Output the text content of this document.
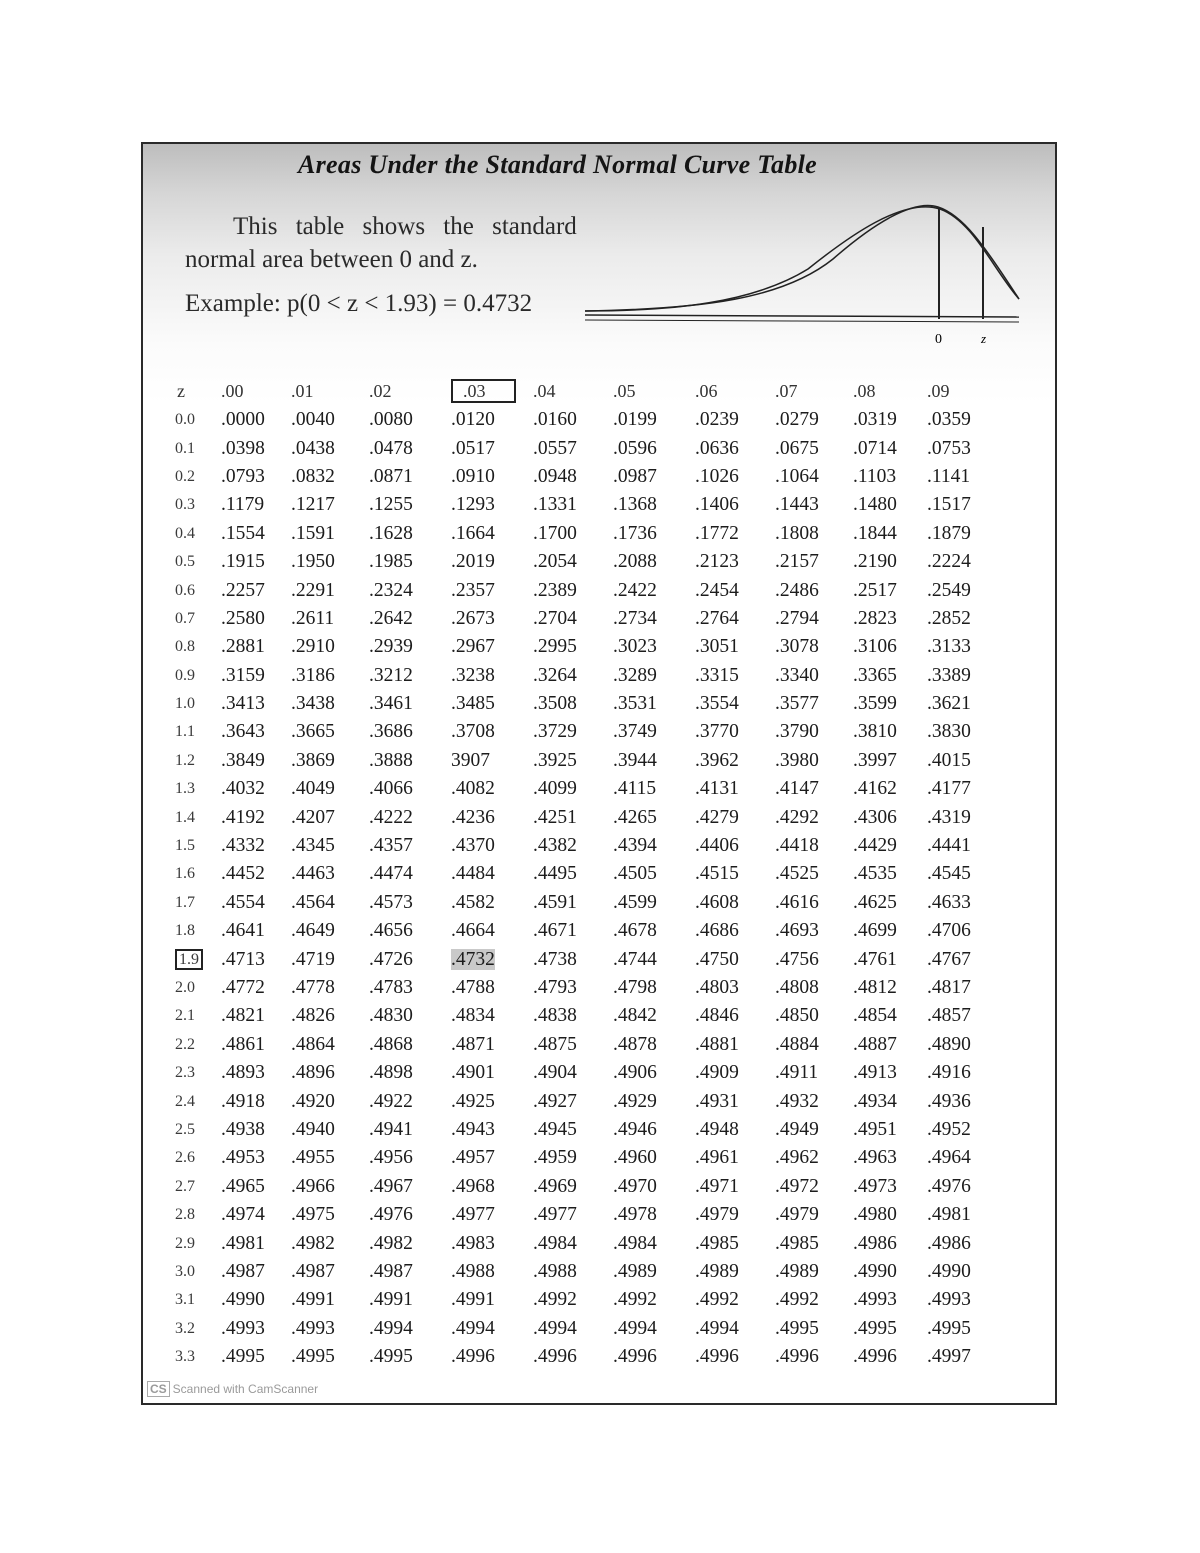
Areas Under the Standard Normal Curve Table
This table shows the standard
normal area between 0 and z.
Example: p(0 < z < 1.93) = 0.4732
0	z
z	.00	.01	.02	.03	.04	.05	.06	.07	.08	.09
0.0	.0000	.0040	.0080	.0120	.0160	.0199	.0239	.0279	.0319	.0359
0.1	.0398	.0438	.0478	.0517	.0557	.0596	.0636	.0675	.0714	.0753
0.2	.0793	.0832	.0871	.0910	.0948	.0987	.1026	.1064	.1103	.1141
0.3	.1179	.1217	.1255	.1293	.1331	.1368	.1406	.1443	.1480	.1517
0.4	.1554	.1591	.1628	.1664	.1700	.1736	.1772	.1808	.1844	.1879
0.5	.1915	.1950	.1985	.2019	.2054	.2088	.2123	.2157	.2190	.2224
0.6	.2257	.2291	.2324	.2357	.2389	.2422	.2454	.2486	.2517	.2549
0.7	.2580	.2611	.2642	.2673	.2704	.2734	.2764	.2794	.2823	.2852
0.8	.2881	.2910	.2939	.2967	.2995	.3023	.3051	.3078	.3106	.3133
0.9	.3159	.3186	.3212	.3238	.3264	.3289	.3315	.3340	.3365	.3389
1.0	.3413	.3438	.3461	.3485	.3508	.3531	.3554	.3577	.3599	.3621
1.1	.3643	.3665	.3686	.3708	.3729	.3749	.3770	.3790	.3810	.3830
1.2	.3849	.3869	.3888	3907	.3925	.3944	.3962	.3980	.3997	.4015
1.3	.4032	.4049	.4066	.4082	.4099	.4115	.4131	.4147	.4162	.4177
1.4	.4192	.4207	.4222	.4236	.4251	.4265	.4279	.4292	.4306	.4319
1.5	.4332	.4345	.4357	.4370	.4382	.4394	.4406	.4418	.4429	.4441
1.6	.4452	.4463	.4474	.4484	.4495	.4505	.4515	.4525	.4535	.4545
1.7	.4554	.4564	.4573	.4582	.4591	.4599	.4608	.4616	.4625	.4633
1.8	.4641	.4649	.4656	.4664	.4671	.4678	.4686	.4693	.4699	.4706
1.9	.4713	.4719	.4726	.4732	.4738	.4744	.4750	.4756	.4761	.4767
2.0	.4772	.4778	.4783	.4788	.4793	.4798	.4803	.4808	.4812	.4817
2.1	.4821	.4826	.4830	.4834	.4838	.4842	.4846	.4850	.4854	.4857
2.2	.4861	.4864	.4868	.4871	.4875	.4878	.4881	.4884	.4887	.4890
2.3	.4893	.4896	.4898	.4901	.4904	.4906	.4909	.4911	.4913	.4916
2.4	.4918	.4920	.4922	.4925	.4927	.4929	.4931	.4932	.4934	.4936
2.5	.4938	.4940	.4941	.4943	.4945	.4946	.4948	.4949	.4951	.4952
2.6	.4953	.4955	.4956	.4957	.4959	.4960	.4961	.4962	.4963	.4964
2.7	.4965	.4966	.4967	.4968	.4969	.4970	.4971	.4972	.4973	.4976
2.8	.4974	.4975	.4976	.4977	.4977	.4978	.4979	.4979	.4980	.4981
2.9	.4981	.4982	.4982	.4983	.4984	.4984	.4985	.4985	.4986	.4986
3.0	.4987	.4987	.4987	.4988	.4988	.4989	.4989	.4989	.4990	.4990
3.1	.4990	.4991	.4991	.4991	.4992	.4992	.4992	.4992	.4993	.4993
3.2	.4993	.4993	.4994	.4994	.4994	.4994	.4994	.4995	.4995	.4995
3.3	.4995	.4995	.4995	.4996	.4996	.4996	.4996	.4996	.4996	.4997
CS Scanned with CamScanner
